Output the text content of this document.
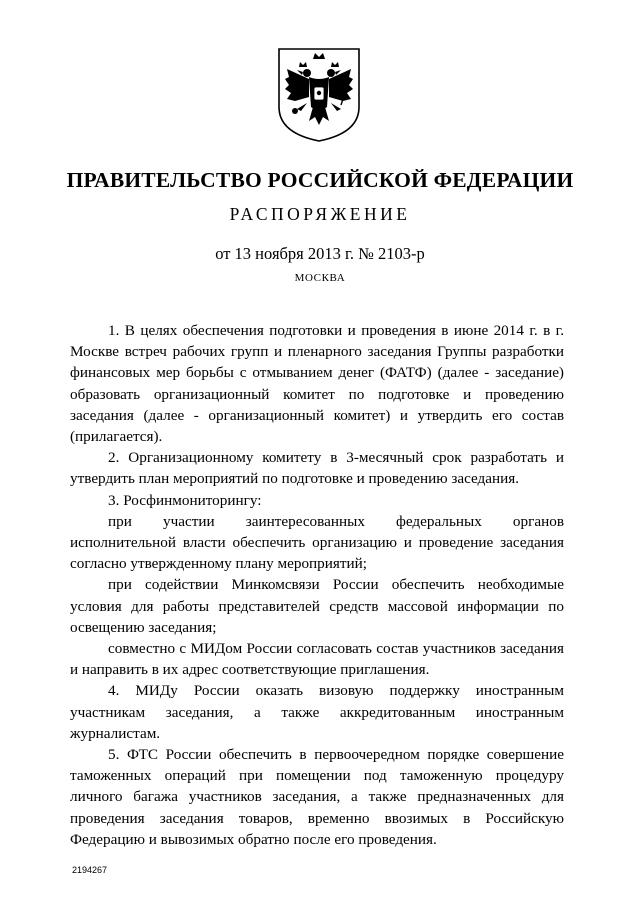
ПРАВИТЕЛЬСТВО РОССИЙСКОЙ ФЕДЕРАЦИИ
РАСПОРЯЖЕНИЕ
от 13 ноября 2013 г. № 2103-р
МОСКВА

1. В целях обеспечения подготовки и проведения в июне 2014 г. в г. Москве встреч рабочих групп и пленарного заседания Группы разработки финансовых мер борьбы с отмыванием денег (ФАТФ) (далее - заседание) образовать организационный комитет по подготовке и проведению заседания (далее - организационный комитет) и утвердить его состав (прилагается).

2. Организационному комитету в 3-месячный срок разработать и утвердить план мероприятий по подготовке и проведению заседания.

3. Росфинмониторингу:

при участии заинтересованных федеральных органов исполнительной власти обеспечить организацию и проведение заседания согласно утвержденному плану мероприятий;

при содействии Минкомсвязи России обеспечить необходимые условия для работы представителей средств массовой информации по освещению заседания;

совместно с МИДом России согласовать состав участников заседания и направить в их адрес соответствующие приглашения.

4. МИДу России оказать визовую поддержку иностранным участникам заседания, а также аккредитованным иностранным журналистам.

5. ФТС России обеспечить в первоочередном порядке совершение таможенных операций при помещении под таможенную процедуру личного багажа участников заседания, а также предназначенных для проведения заседания товаров, временно ввозимых в Российскую Федерацию и вывозимых обратно после его проведения.

2194267
